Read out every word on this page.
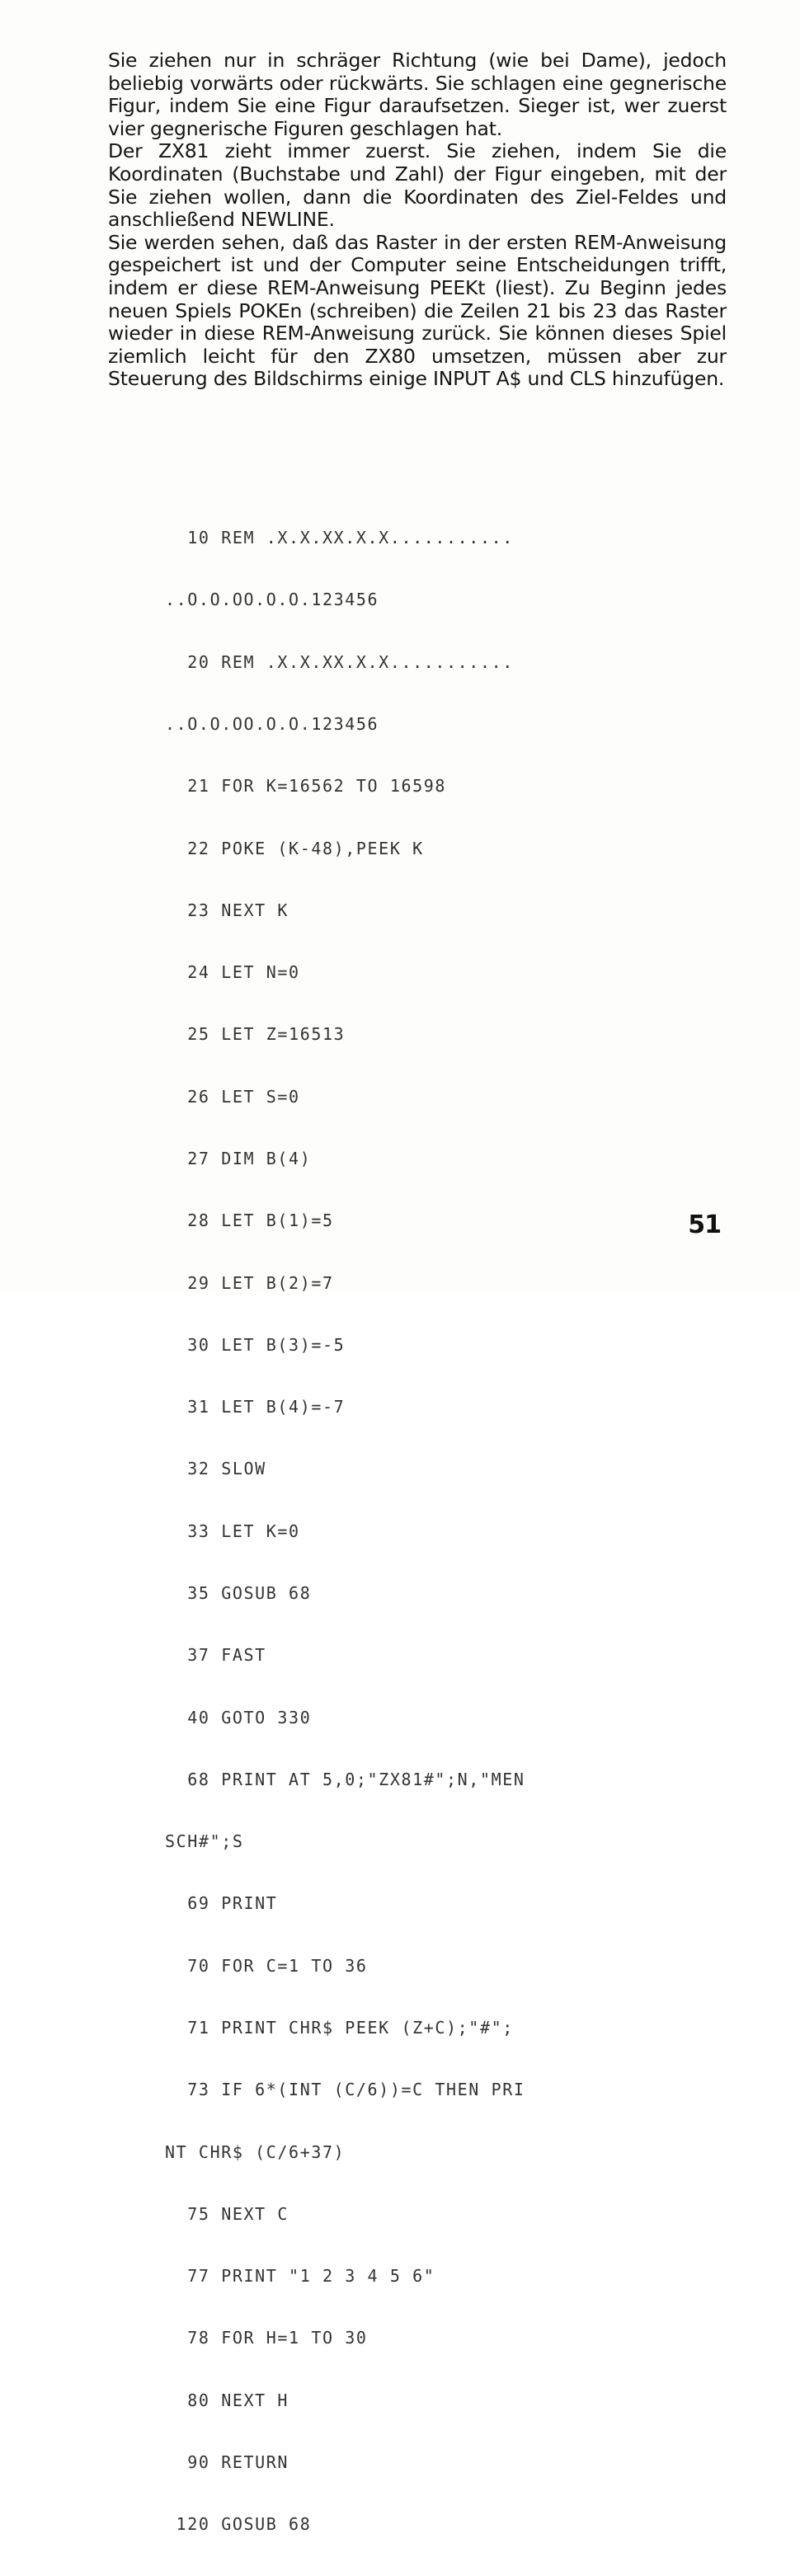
Sie ziehen nur in schräger Richtung (wie bei Dame), jedoch beliebig vorwärts oder rückwärts. Sie schlagen eine gegnerische Figur, indem Sie eine Figur daraufsetzen. Sieger ist, wer zuerst vier gegnerische Figuren geschlagen hat.

Der ZX81 zieht immer zuerst. Sie ziehen, indem Sie die Koordinaten (Buchstabe und Zahl) der Figur eingeben, mit der Sie ziehen wollen, dann die Koordinaten des Ziel-Feldes und anschließend NEWLINE.

Sie werden sehen, daß das Raster in der ersten REM-Anweisung gespeichert ist und der Computer seine Entscheidungen trifft, indem er diese REM-Anweisung PEEKt (liest). Zu Beginn jedes neuen Spiels POKEn (schreiben) die Zeilen 21 bis 23 das Raster wieder in diese REM-Anweisung zurück. Sie können dieses Spiel ziemlich leicht für den ZX80 umsetzen, müssen aber zur Steuerung des Bildschirms einige INPUT A$ und CLS hinzufügen.

10 REM .X.X.XX.X.X...........

..O.O.OO.O.O.123456

20 REM .X.X.XX.X.X...........

..O.O.OO.O.O.123456

21 FOR K=16562 TO 16598

22 POKE (K-48),PEEK K

23 NEXT K

24 LET N=0

25 LET Z=16513

26 LET S=0

27 DIM B(4)

28 LET B(1)=5

29 LET B(2)=7

30 LET B(3)=-5

31 LET B(4)=-7

32 SLOW

33 LET K=0

35 GOSUB 68

37 FAST

40 GOTO 330

68 PRINT AT 5,0;"ZX81#";N,"MEN

SCH#";S

69 PRINT

70 FOR C=1 TO 36

71 PRINT CHR$ PEEK (Z+C);"#";

73 IF 6*(INT (C/6))=C THEN PRI

NT CHR$ (C/6+37)

75 NEXT C

77 PRINT "1 2 3 4 5 6"

78 FOR H=1 TO 30

80 NEXT H

90 RETURN

120 GOSUB 68

51
